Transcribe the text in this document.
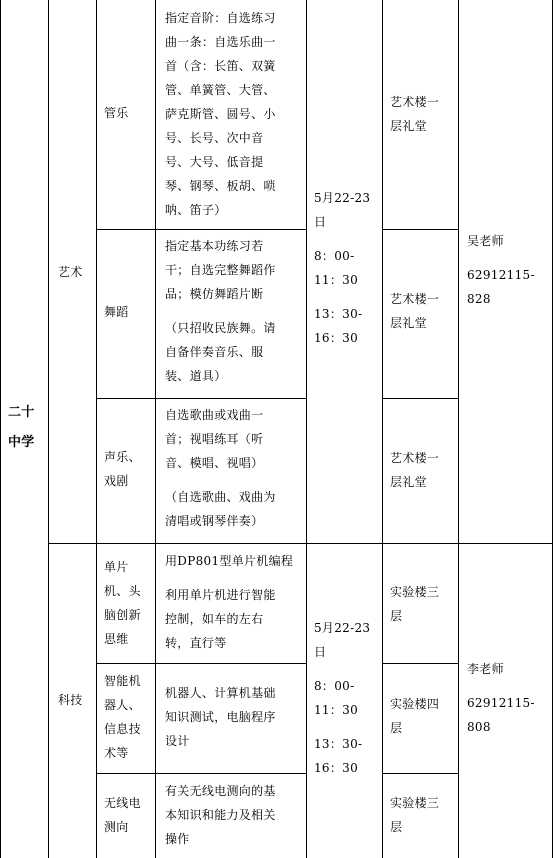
二十

中学

艺术

管乐

指定音阶：自选练习

曲一条：自选乐曲一

首（含：长笛、双簧

管、单簧管、大管、

萨克斯管、圆号、小

号、长号、次中音

号、大号、低音提

琴、钢琴、板胡、唢

呐、笛子）

艺术楼一

层礼堂

舞蹈

指定基本功练习若

干；自选完整舞蹈作

品；模仿舞蹈片断

（只招收民族舞。请

自备伴奏音乐、服

装、道具）

艺术楼一

层礼堂

声乐、

戏剧

自选歌曲或戏曲一

首；视唱练耳（听

音、模唱、视唱）

（自选歌曲、戏曲为

清唱或钢琴伴奏）

艺术楼一

层礼堂

5月22-23

日

8：00-

11：30

13：30-

16：30

吴老师

62912115-

828

科技

单片

机、头

脑创新

思维

用DP801型单片机编程

利用单片机进行智能

控制，如车的左右

转，直行等

实验楼三

层

智能机

器人、

信息技

术等

机器人、计算机基础

知识测试，电脑程序

设计

实验楼四

层

无线电

测向

有关无线电测向的基

本知识和能力及相关

操作

实验楼三

层

5月22-23

日

8：00-

11：30

13：30-

16：30

李老师

62912115-

808
